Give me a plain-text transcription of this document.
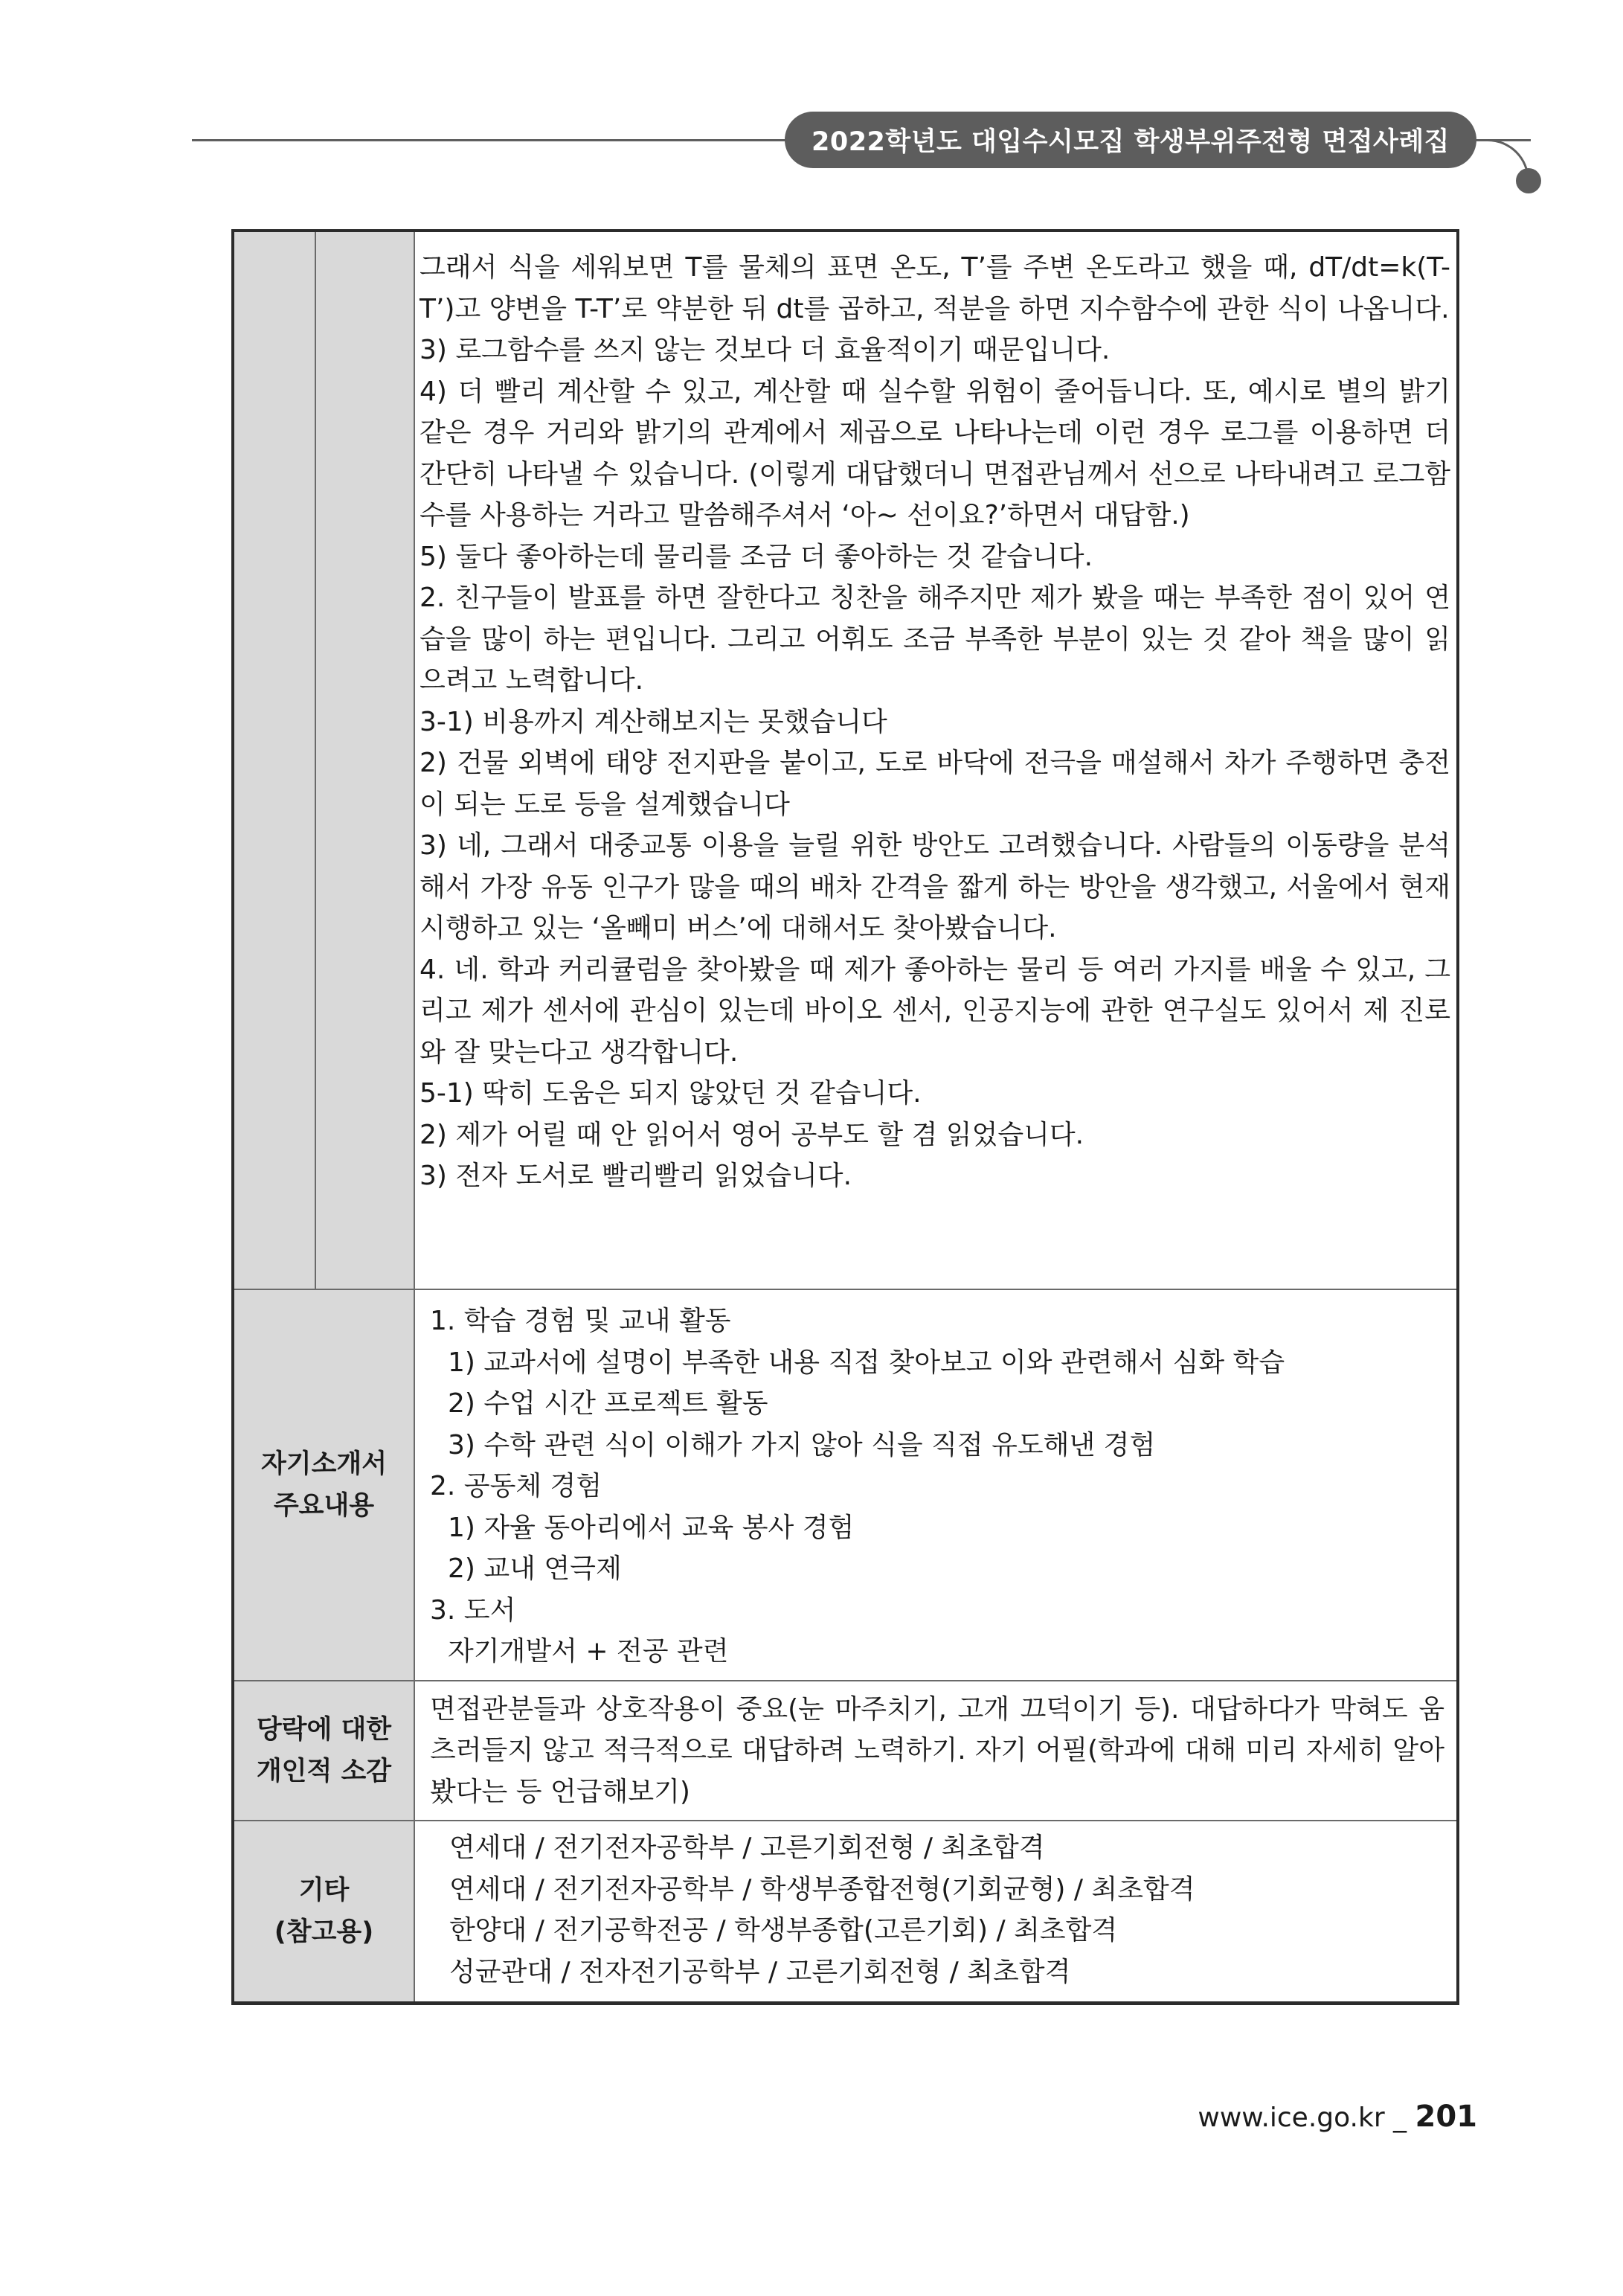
2022학년도 대입수시모집 학생부위주전형 면접사례집

그래서 식을 세워보면 T를 물체의 표면 온도, T’를 주변 온도라고 했을 때, dT/dt=k(T-T’)고 양변을 T-T’로 약분한 뒤 dt를 곱하고, 적분을 하면 지수함수에 관한 식이 나옵니다.

3) 로그함수를 쓰지 않는 것보다 더 효율적이기 때문입니다.

4) 더 빨리 계산할 수 있고, 계산할 때 실수할 위험이 줄어듭니다. 또, 예시로 별의 밝기 같은 경우 거리와 밝기의 관계에서 제곱으로 나타나는데 이런 경우 로그를 이용하면 더 간단히 나타낼 수 있습니다. (이렇게 대답했더니 면접관님께서 선으로 나타내려고 로그함수를 사용하는 거라고 말씀해주셔서 ‘아~ 선이요?’하면서 대답함.)

5) 둘다 좋아하는데 물리를 조금 더 좋아하는 것 같습니다.

2. 친구들이 발표를 하면 잘한다고 칭찬을 해주지만 제가 봤을 때는 부족한 점이 있어 연습을 많이 하는 편입니다. 그리고 어휘도 조금 부족한 부분이 있는 것 같아 책을 많이 읽으려고 노력합니다.

3-1) 비용까지 계산해보지는 못했습니다

2) 건물 외벽에 태양 전지판을 붙이고, 도로 바닥에 전극을 매설해서 차가 주행하면 충전이 되는 도로 등을 설계했습니다

3) 네, 그래서 대중교통 이용을 늘릴 위한 방안도 고려했습니다. 사람들의 이동량을 분석해서 가장 유동 인구가 많을 때의 배차 간격을 짧게 하는 방안을 생각했고, 서울에서 현재 시행하고 있는 ‘올빼미 버스’에 대해서도 찾아봤습니다.

4. 네. 학과 커리큘럼을 찾아봤을 때 제가 좋아하는 물리 등 여러 가지를 배울 수 있고, 그리고 제가 센서에 관심이 있는데 바이오 센서, 인공지능에 관한 연구실도 있어서 제 진로와 잘 맞는다고 생각합니다.

5-1) 딱히 도움은 되지 않았던 것 같습니다.

2) 제가 어릴 때 안 읽어서 영어 공부도 할 겸 읽었습니다.

3) 전자 도서로 빨리빨리 읽었습니다.

자기소개서
주요내용
1. 학습 경험 및 교내 활동
1) 교과서에 설명이 부족한 내용 직접 찾아보고 이와 관련해서 심화 학습
2) 수업 시간 프로젝트 활동
3) 수학 관련 식이 이해가 가지 않아 식을 직접 유도해낸 경험
2. 공동체 경험
1) 자율 동아리에서 교육 봉사 경험
2) 교내 연극제
3. 도서
자기개발서 + 전공 관련
당락에 대한
개인적 소감
면접관분들과 상호작용이 중요(눈 마주치기, 고개 끄덕이기 등). 대답하다가 막혀도 움츠러들지 않고 적극적으로 대답하려 노력하기. 자기 어필(학과에 대해 미리 자세히 알아봤다는 등 언급해보기)
기타
(참고용)
연세대 / 전기전자공학부 / 고른기회전형 / 최초합격
연세대 / 전기전자공학부 / 학생부종합전형(기회균형) / 최초합격
한양대 / 전기공학전공 / 학생부종합(고른기회) / 최초합격
성균관대 / 전자전기공학부 / 고른기회전형 / 최초합격
www.ice.go.kr _ 201
